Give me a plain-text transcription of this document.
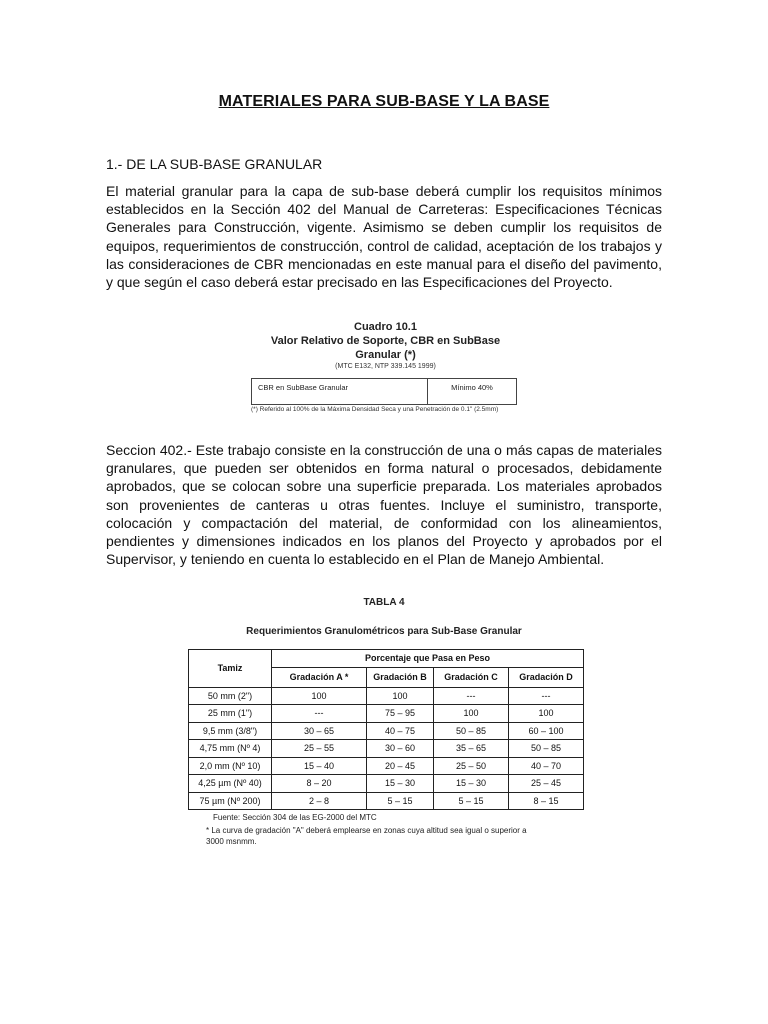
MATERIALES PARA SUB-BASE Y LA BASE
1.- DE LA SUB-BASE GRANULAR
El material granular para la capa de sub-base deberá cumplir los requisitos mínimos establecidos en la Sección 402 del Manual de Carreteras: Especificaciones Técnicas Generales para Construcción, vigente. Asimismo se deben cumplir los requisitos de equipos, requerimientos de construcción, control de calidad, aceptación de los trabajos y las consideraciones de CBR mencionadas en este manual para el diseño del pavimento, y que según el caso deberá estar precisado en las Especificaciones del Proyecto.
Cuadro 10.1
Valor Relativo de Soporte, CBR en SubBase Granular (*)
(MTC E132, NTP 339.145 1999)
CBR en SubBase Granular	Mínimo 40%
(*) Referido al 100% de la Máxima Densidad Seca y una Penetración de 0.1" (2.5mm)
Seccion 402.- Este trabajo consiste en la construcción de una o más capas de materiales granulares, que pueden ser obtenidos en forma natural o procesados, debidamente aprobados, que se colocan sobre una superficie preparada. Los materiales aprobados son provenientes de canteras u otras fuentes. Incluye el suministro, transporte, colocación y compactación del material, de conformidad con los alineamientos, pendientes y dimensiones indicados en los planos del Proyecto y aprobados por el Supervisor, y teniendo en cuenta lo establecido en el Plan de Manejo Ambiental.
TABLA 4
Requerimientos Granulométricos para Sub-Base Granular
Tamiz	Porcentaje que Pasa en Peso			
	Gradación A *	Gradación B	Gradación C	Gradación D
50 mm (2")	100	100	---	---
25 mm (1")	---	75 – 95	100	100
9,5 mm (3/8")	30 – 65	40 – 75	50 – 85	60 – 100
4,75 mm (Nº 4)	25 – 55	30 – 60	35 – 65	50 – 85
2,0 mm (Nº 10)	15 – 40	20 – 45	25 – 50	40 – 70
4,25 µm (Nº 40)	8 – 20	15 – 30	15 – 30	25 – 45
75 µm (Nº 200)	2 – 8	5 – 15	5 – 15	8 – 15
Fuente: Sección 304 de las EG-2000 del MTC
* La curva de gradación "A" deberá emplearse en zonas cuya altitud sea igual o superior a 3000 msnmm.
